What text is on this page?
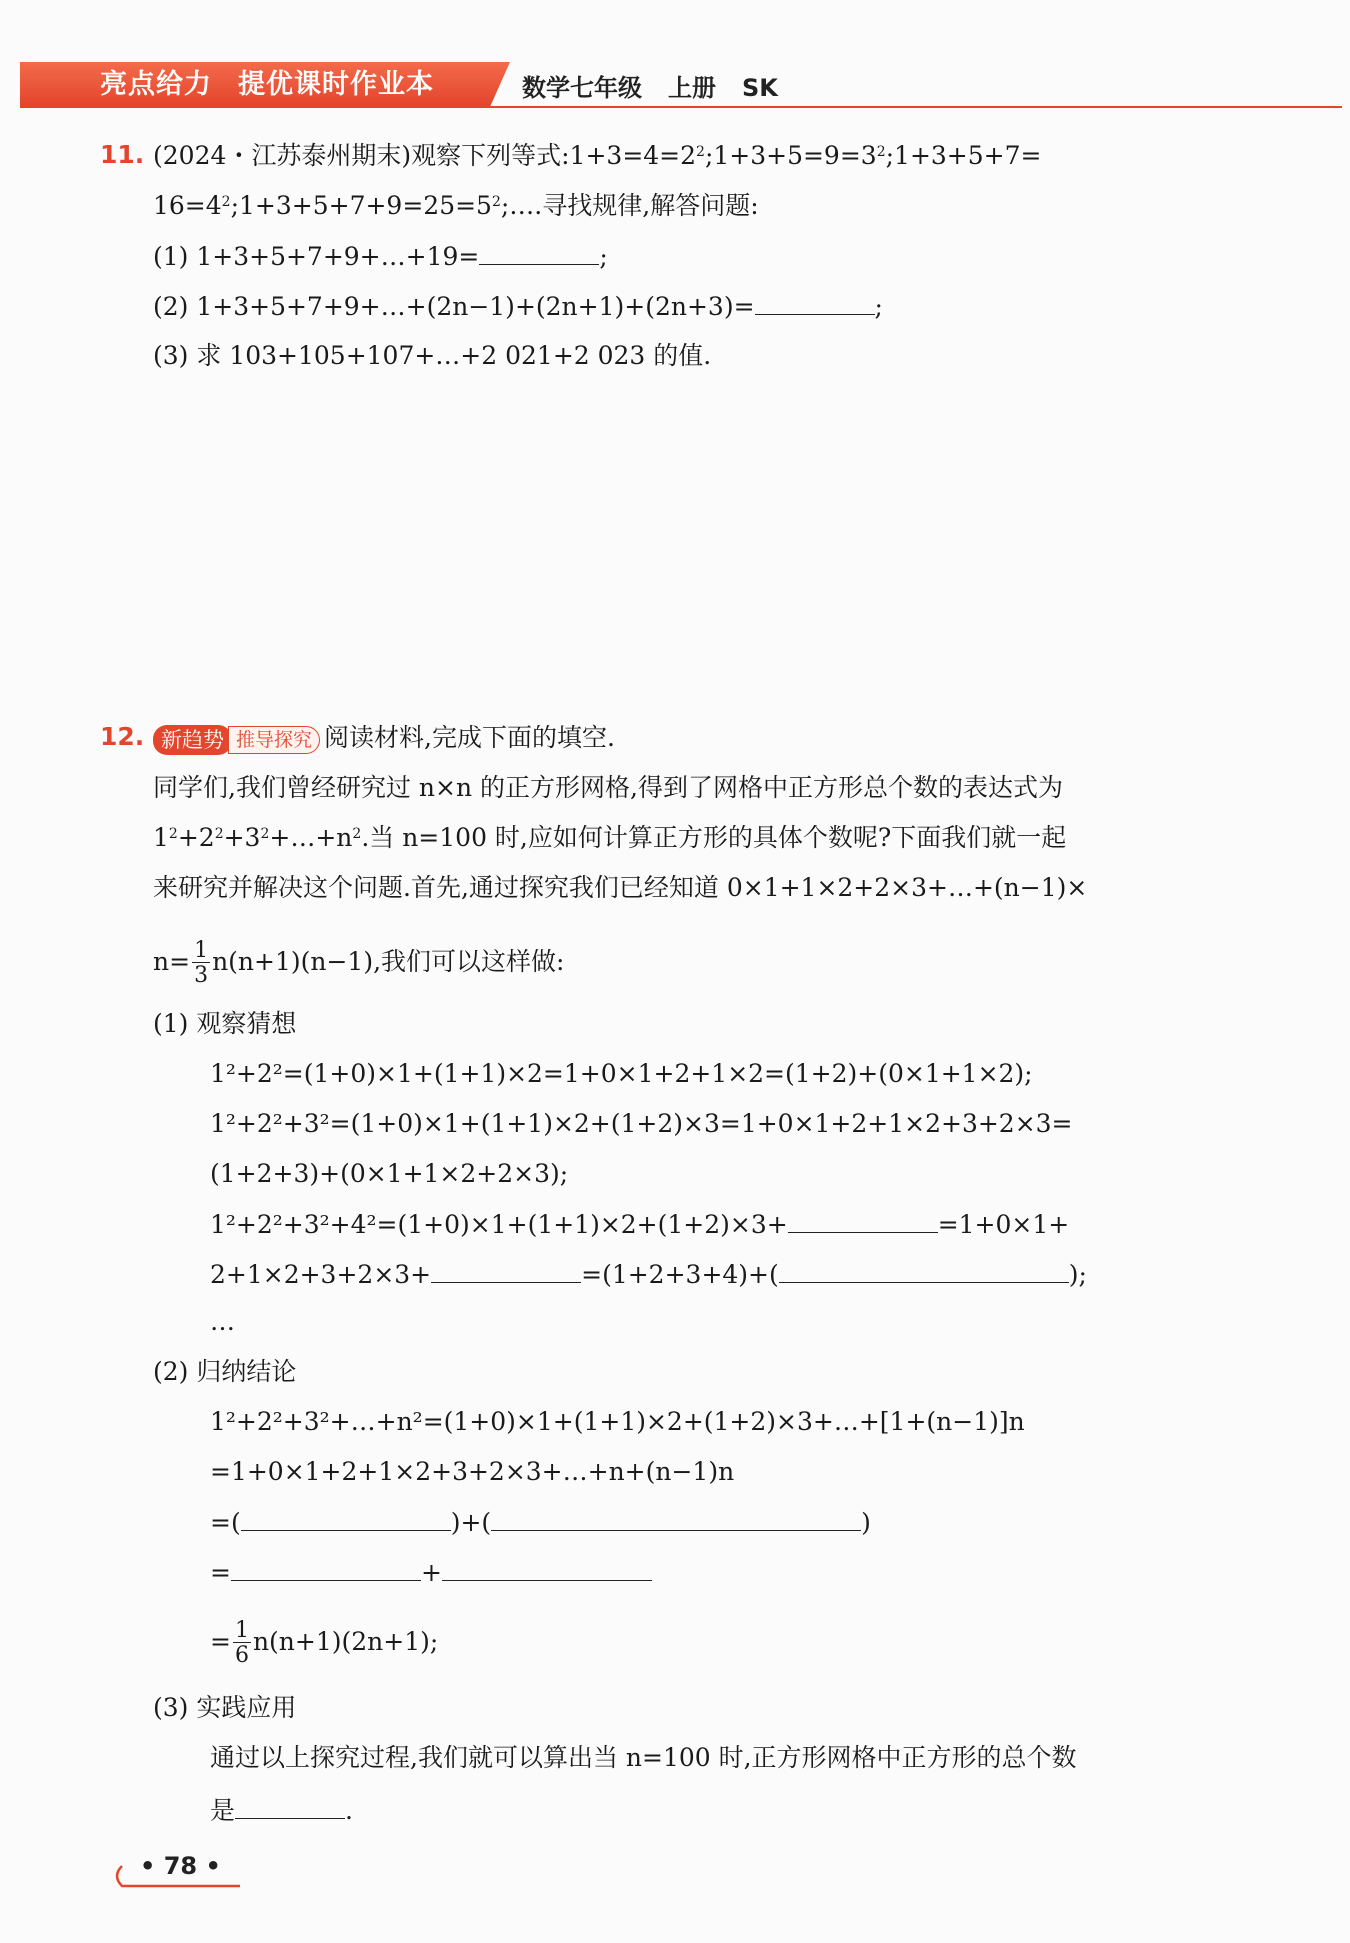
亮点给力 提优课时作业本	数学七年级 上册 SK
11. (2024・江苏泰州期末)观察下列等式$:1+3=4=2^2;1+3+5=9=3^2;1+3+5+7=$
$16=4^2;1+3+5+7+9=25=5^2;\dots$.寻找规律,解答问题:
(1) 1+3+5+7+9+…+19=	;
(2) 1+3+5+7+9+…+(2n−1)+(2n+1)+(2n+3)=	;
(3) 求 103+105+107+…+2 021+2 023 的值.
12. 新趋势 推导探究 阅读材料,完成下面的填空.
同学们,我们曾经研究过 n×n 的正方形网格,得到了网格中正方形总个数的表达式为
$1^2+2^2+3^2+\dots+n^2$.当 n=100 时,应如何计算正方形的具体个数呢?下面我们就一起
来研究并解决这个问题.首先,通过探究我们已经知道 0×1+1×2+2×3+…+(n−1)×
$n= \frac{1}{3} n(n+1)(n-1)$,我们可以这样做:
(1) 观察猜想
1²+2²=(1+0)×1+(1+1)×2=1+0×1+2+1×2=(1+2)+(0×1+1×2);
1²+2²+3²=(1+0)×1+(1+1)×2+(1+2)×3=1+0×1+2+1×2+3+2×3=
(1+2+3)+(0×1+1×2+2×3);
1²+2²+3²+4²=(1+0)×1+(1+1)×2+(1+2)×3+	=1+0×1+
2+1×2+3+2×3+	=(1+2+3+4)+(	);
…
(2) 归纳结论
1²+2²+3²+…+n²=(1+0)×1+(1+1)×2+(1+2)×3+…+[1+(n−1)]n
=1+0×1+2+1×2+3+2×3+…+n+(n−1)n
=(	)+(	)
=	+
= $\frac{1}{6} n(n+1)(2n+1)$;
(3) 实践应用
通过以上探究过程,我们就可以算出当 n=100 时,正方形网格中正方形的总个数
是	.
• 78 •
